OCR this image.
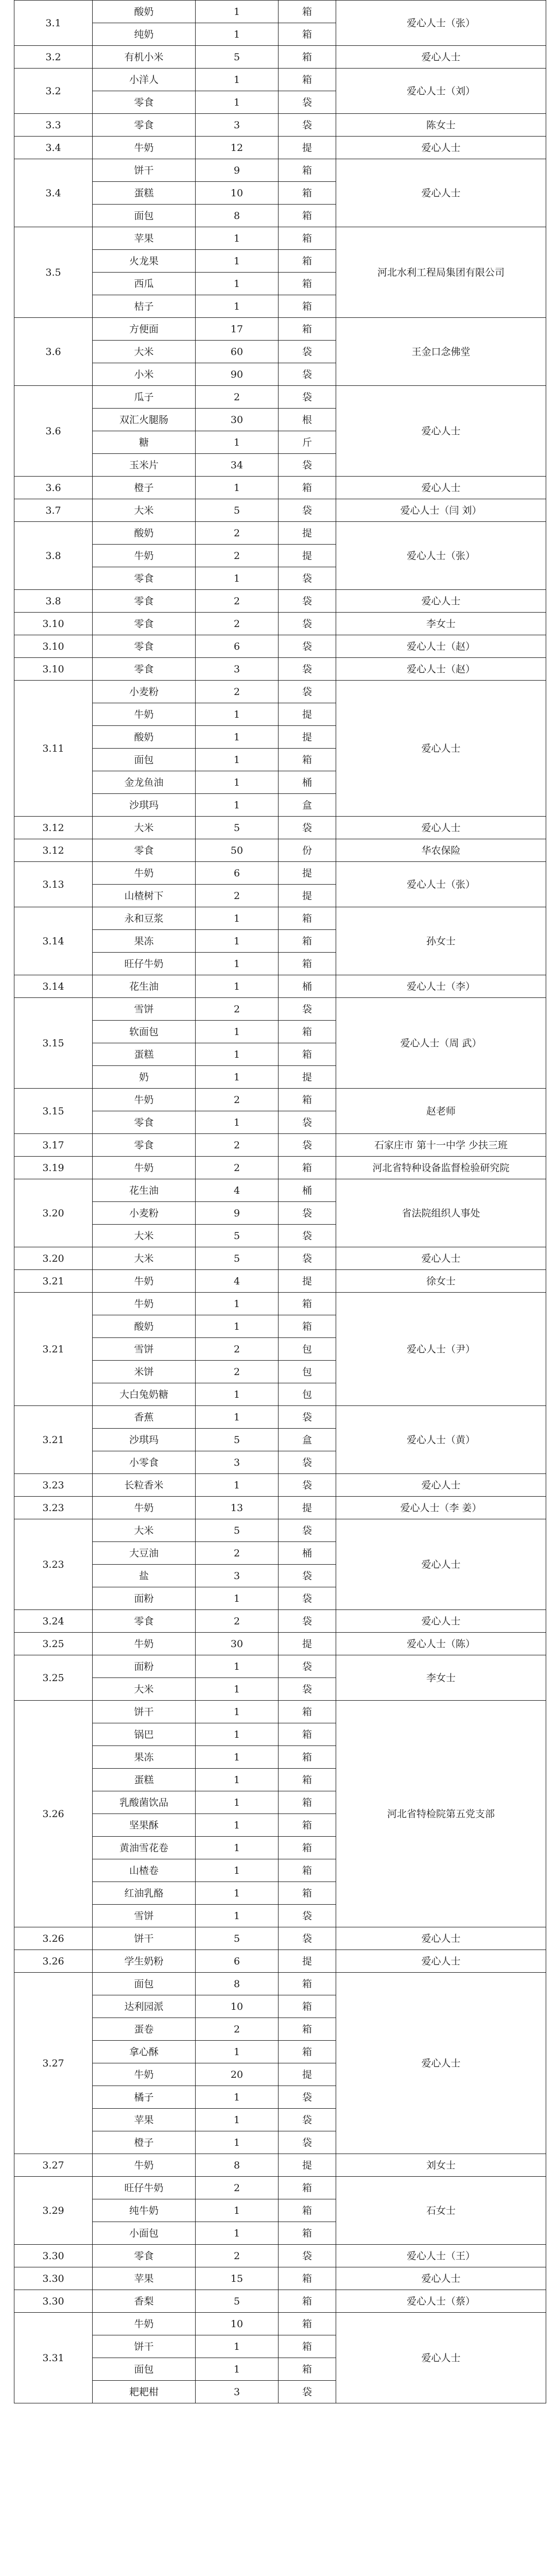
3.1	酸奶	1	箱	爱心人士（张）
	纯奶	1	箱	
3.2	有机小米	5	箱	爱心人士
3.2	小洋人	1	箱	爱心人士（刘）
	零食	1	袋	
3.3	零食	3	袋	陈女士
3.4	牛奶	12	提	爱心人士
3.4	饼干	9	箱	爱心人士
	蛋糕	10	箱	
	面包	8	箱	
3.5	苹果	1	箱	河北水利工程局集团有限公司
	火龙果	1	箱	
	西瓜	1	箱	
	桔子	1	箱	
3.6	方便面	17	箱	王金口念佛堂
	大米	60	袋	
	小米	90	袋	
3.6	瓜子	2	袋	爱心人士
	双汇火腿肠	30	根	
	糖	1	斤	
	玉米片	34	袋	
3.6	橙子	1	箱	爱心人士
3.7	大米	5	袋	爱心人士（闫 刘）
3.8	酸奶	2	提	爱心人士（张）
	牛奶	2	提	
	零食	1	袋	
3.8	零食	2	袋	爱心人士
3.10	零食	2	袋	李女士
3.10	零食	6	袋	爱心人士（赵）
3.10	零食	3	袋	爱心人士（赵）
3.11	小麦粉	2	袋	爱心人士
	牛奶	1	提	
	酸奶	1	提	
	面包	1	箱	
	金龙鱼油	1	桶	
	沙琪玛	1	盒	
3.12	大米	5	袋	爱心人士
3.12	零食	50	份	华农保险
3.13	牛奶	6	提	爱心人士（张）
	山楂树下	2	提	
3.14	永和豆浆	1	箱	孙女士
	果冻	1	箱	
	旺仔牛奶	1	箱	
3.14	花生油	1	桶	爱心人士（李）
3.15	雪饼	2	袋	爱心人士（周 武）
	软面包	1	箱	
	蛋糕	1	箱	
	奶	1	提	
3.15	牛奶	2	箱	赵老师
	零食	1	袋	
3.17	零食	2	袋	石家庄市 第十一中学 少扶三班
3.19	牛奶	2	箱	河北省特种设备监督检验研究院
3.20	花生油	4	桶	省法院组织人事处
	小麦粉	9	袋	
	大米	5	袋	
3.20	大米	5	袋	爱心人士
3.21	牛奶	4	提	徐女士
3.21	牛奶	1	箱	爱心人士（尹）
	酸奶	1	箱	
	雪饼	2	包	
	米饼	2	包	
	大白兔奶糖	1	包	
3.21	香蕉	1	袋	爱心人士（黄）
	沙琪玛	5	盒	
	小零食	3	袋	
3.23	长粒香米	1	袋	爱心人士
3.23	牛奶	13	提	爱心人士（李 姜）
3.23	大米	5	袋	爱心人士
	大豆油	2	桶	
	盐	3	袋	
	面粉	1	袋	
3.24	零食	2	袋	爱心人士
3.25	牛奶	30	提	爱心人士（陈）
3.25	面粉	1	袋	李女士
	大米	1	袋	
3.26	饼干	1	箱	河北省特检院第五党支部
	锅巴	1	箱	
	果冻	1	箱	
	蛋糕	1	箱	
	乳酸菌饮品	1	箱	
	坚果酥	1	箱	
	黄油雪花卷	1	箱	
	山楂卷	1	箱	
	红油乳酪	1	箱	
	雪饼	1	袋	
3.26	饼干	5	袋	爱心人士
3.26	学生奶粉	6	提	爱心人士
3.27	面包	8	箱	爱心人士
	达利园派	10	箱	
	蛋卷	2	箱	
	拿心酥	1	箱	
	牛奶	20	提	
	橘子	1	袋	
	苹果	1	袋	
	橙子	1	袋	
3.27	牛奶	8	提	刘女士
3.29	旺仔牛奶	2	箱	石女士
	纯牛奶	1	箱	
	小面包	1	箱	
3.30	零食	2	袋	爱心人士（王）
3.30	苹果	15	箱	爱心人士
3.30	香梨	5	箱	爱心人士（蔡）
3.31	牛奶	10	箱	爱心人士
	饼干	1	箱	
	面包	1	箱	
	耙耙柑	3	袋	
